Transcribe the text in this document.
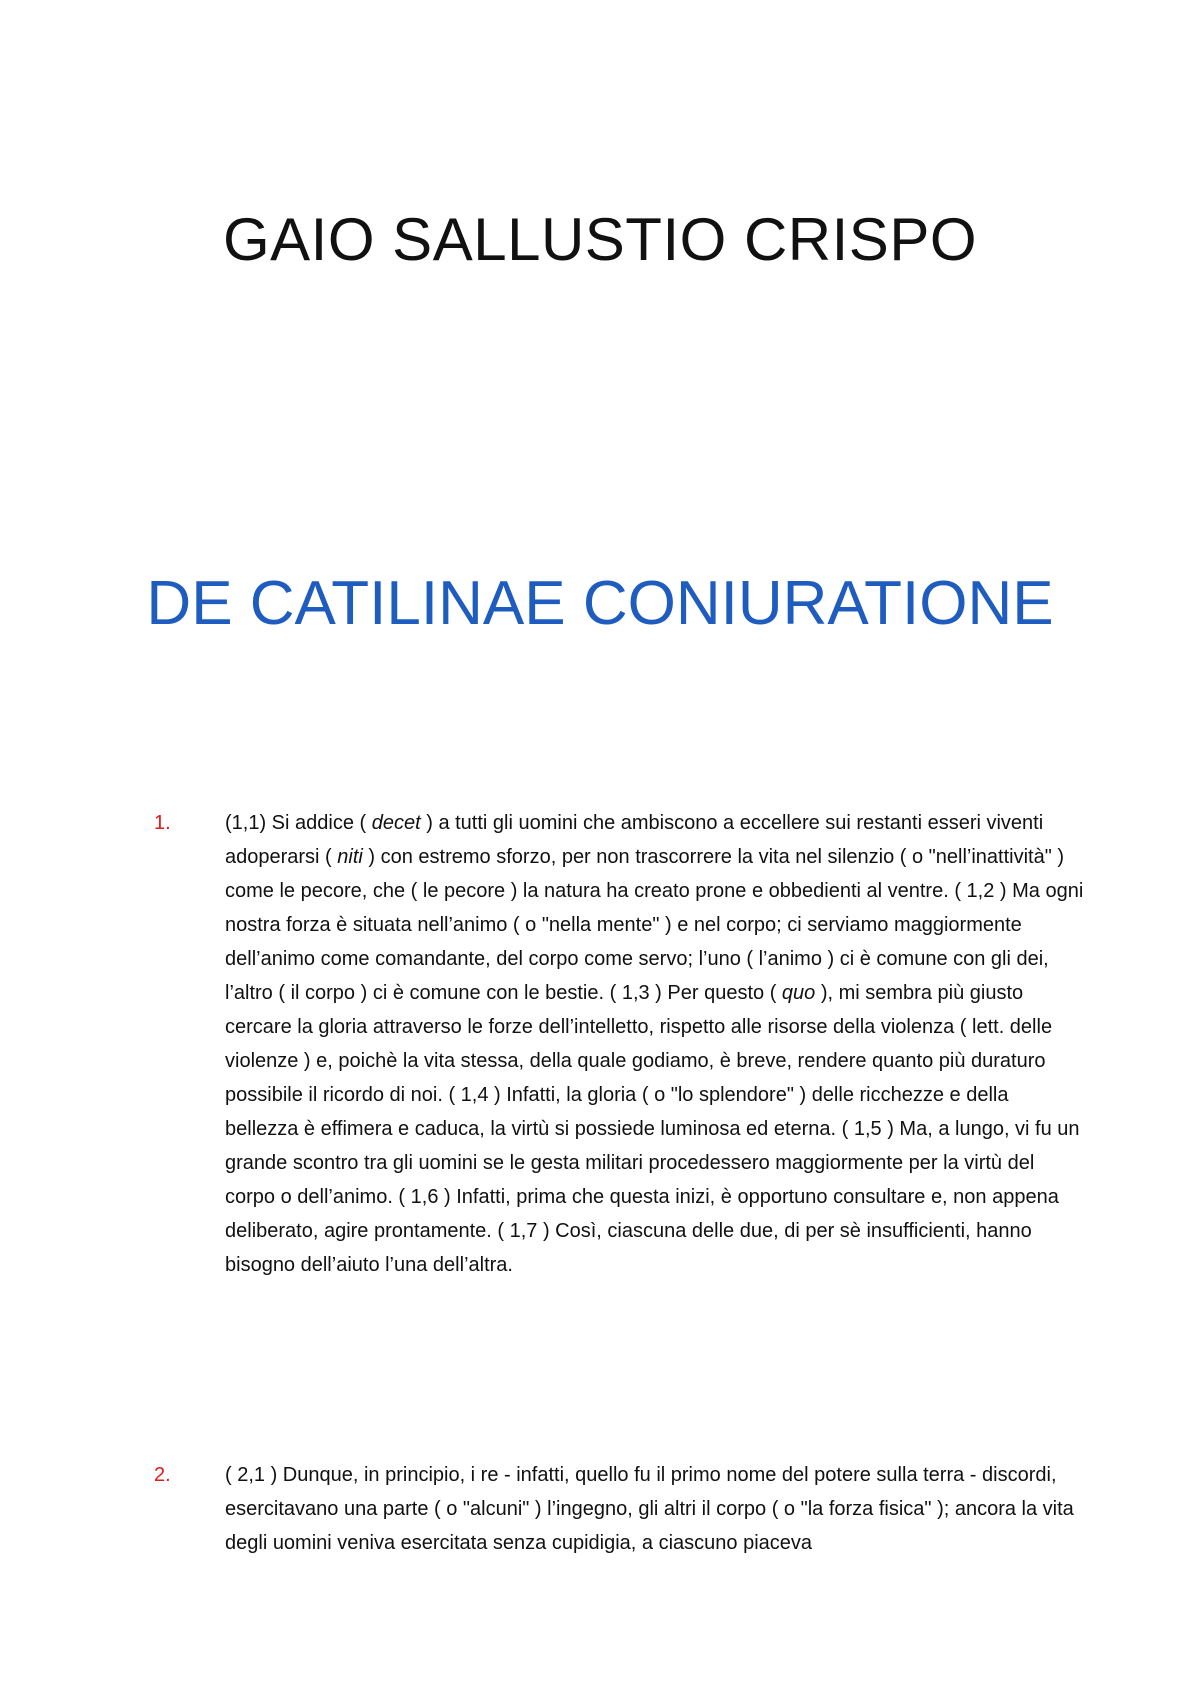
GAIO SALLUSTIO CRISPO
DE CATILINAE CONIURATIONE
1.	(1,1) Si addice ( decet ) a tutti gli uomini che ambiscono a eccellere sui restanti esseri viventi adoperarsi ( niti ) con estremo sforzo, per non trascorrere la vita nel silenzio ( o "nell’inattività" ) come le pecore, che ( le pecore ) la natura ha creato prone e obbedienti al ventre. ( 1,2 ) Ma ogni nostra forza è situata nell’animo ( o "nella mente" ) e nel corpo; ci serviamo maggiormente dell’animo come comandante, del corpo come servo; l’uno ( l’animo ) ci è comune con gli dei, l’altro ( il corpo ) ci è comune con le bestie. ( 1,3 ) Per questo ( quo ), mi sembra più giusto cercare la gloria attraverso le forze dell’intelletto, rispetto alle risorse della violenza ( lett. delle violenze ) e, poichè la vita stessa, della quale godiamo, è breve, rendere quanto più duraturo possibile il ricordo di noi. ( 1,4 ) Infatti, la gloria ( o "lo splendore" ) delle ricchezze e della bellezza è effimera e caduca, la virtù si possiede luminosa ed eterna. ( 1,5 ) Ma, a lungo, vi fu un grande scontro tra gli uomini se le gesta militari procedessero maggiormente per la virtù del corpo o dell’animo. ( 1,6 ) Infatti, prima che questa inizi, è opportuno consultare e, non appena deliberato, agire prontamente. ( 1,7 ) Così, ciascuna delle due, di per sè insufficienti, hanno bisogno dell’aiuto l’una dell’altra.

2.	( 2,1 ) Dunque, in principio, i re - infatti, quello fu il primo nome del potere sulla terra - discordi, esercitavano una parte ( o "alcuni" ) l’ingegno, gli altri il corpo ( o "la forza fisica" ); ancora la vita degli uomini veniva esercitata senza cupidigia, a ciascuno piaceva
